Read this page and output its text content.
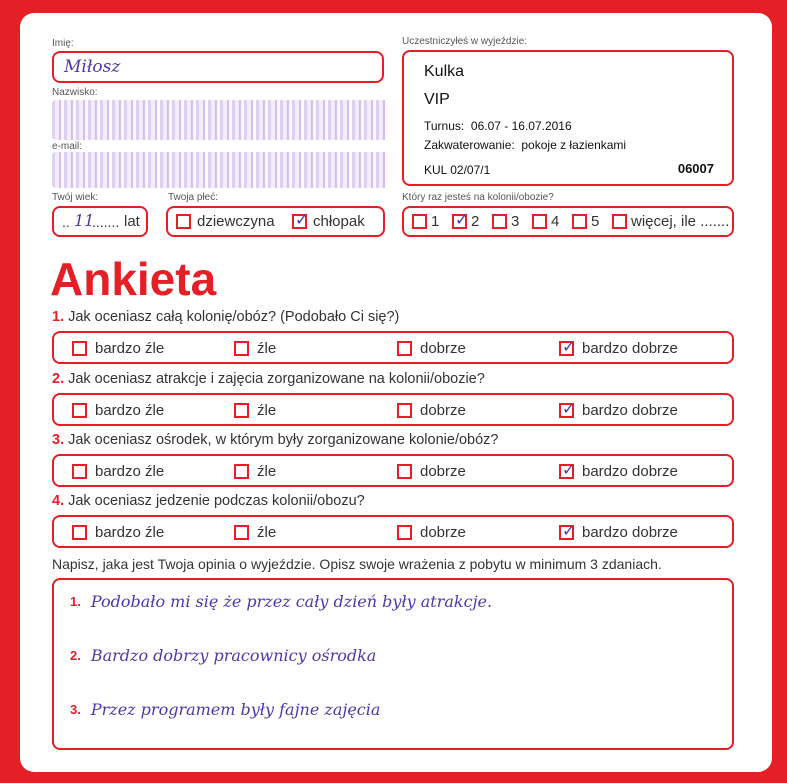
Imię:
Miłosz
Nazwisko:
e-mail:
Twój wiek:
.. 11
....... lat
Twoja płeć:
dziewczyna ✓	chłopak
Uczestniczyłeś w wyjeździe:
Kulka
VIP
Turnus:  06.07 - 16.07.2016
Zakwaterowanie:  pokoje z łazienkami
KUL 02/07/1	06007
Który raz jesteś na kolonii/obozie?
1 ✓ 2 3 4 5 więcej, ile .......
Ankieta
1. Jak oceniasz całą kolonię/obóz? (Podobało Ci się?)
bardzo źle	źle	dobrze ✓	bardzo dobrze
2. Jak oceniasz atrakcje i zajęcia zorganizowane na kolonii/obozie?
bardzo źle	źle	dobrze ✓	bardzo dobrze
3. Jak oceniasz ośrodek, w którym były zorganizowane kolonie/obóz?
bardzo źle	źle	dobrze ✓	bardzo dobrze
4. Jak oceniasz jedzenie podczas kolonii/obozu?
bardzo źle	źle	dobrze ✓	bardzo dobrze
Napisz, jaka jest Twoja opinia o wyjeździe. Opisz swoje wrażenia z pobytu w minimum 3 zdaniach.
1. Podobało mi się że przez cały dzień były atrakcje.
2. Bardzo dobrzy pracownicy ośrodka
3. Przez programem były fajne zajęcia
